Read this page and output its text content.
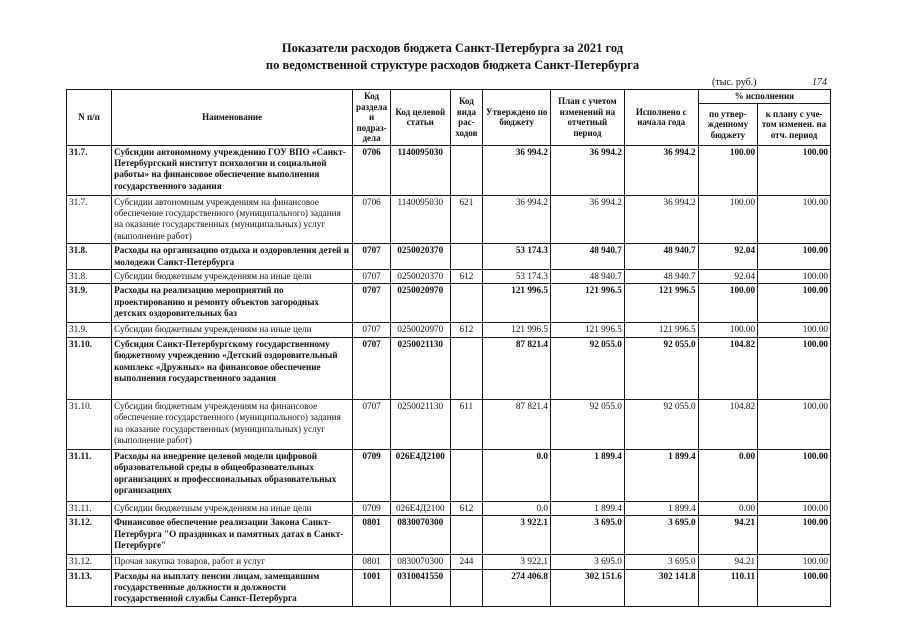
Показатели расходов бюджета Санкт-Петербурга за 2021 год
по ведомственной структуре расходов бюджета Санкт-Петербурга
(тыс. руб.)	174
N п/п	Наименование	Код раздела и подраз-дела	Код целевой статьи	Код вида рас-ходов	Утверждено по бюджету	План с учетом изменений на отчетный период	Исполнено с начала года	% исполнения	
								по утвер-жденному бюджету	к плану с уче-том изменен. на отч. период
31.7.	Субсидии автономному учреждению ГОУ ВПО «Санкт-Петербургский институт психологии и социальной работы» на финансовое обеспечение выполнения государственного задания	0706	1140095030		36 994.2	36 994.2	36 994.2	100.00	100.00
31.7.	Субсидии автономным учреждениям на финансовое обеспечение государственного (муниципального) задания на оказание государственных (муниципальных) услуг (выполнение работ)	0706	1140095030	621	36 994.2	36 994.2	36 994.2	100.00	100.00
31.8.	Расходы на организацию отдыха и оздоровления детей и молодежи Санкт-Петербурга	0707	0250020370		53 174.3	48 940.7	48 940.7	92.04	100.00
31.8.	Субсидии бюджетным учреждениям на иные цели	0707	0250020370	612	53 174.3	48 940.7	48 940.7	92.04	100.00
31.9.	Расходы на реализацию мероприятий по проектированию и ремонту объектов загородных детских оздоровительных баз	0707	0250020970		121 996.5	121 996.5	121 996.5	100.00	100.00
31.9.	Субсидии бюджетным учреждениям на иные цели	0707	0250020970	612	121 996.5	121 996.5	121 996.5	100.00	100.00
31.10.	Субсидия Санкт-Петербургскому государственному бюджетному учреждению «Детский оздоровительный комплекс «Дружных» на финансовое обеспечение выполнения государственного задания	0707	0250021130		87 821.4	92 055.0	92 055.0	104.82	100.00
31.10.	Субсидии бюджетным учреждениям на финансовое обеспечение государственного (муниципального) задания на оказание государственных (муниципальных) услуг (выполнение работ)	0707	0250021130	611	87 821.4	92 055.0	92 055.0	104.82	100.00
31.11.	Расходы на внедрение целевой модели цифровой образовательной среды в общеобразовательных организациях и профессиональных образовательных организациях	0709	026Е4Д2100		0.0	1 899.4	1 899.4	0.00	100.00
31.11.	Субсидии бюджетным учреждениям на иные цели	0709	026Е4Д2100	612	0.0	1 899.4	1 899.4	0.00	100.00
31.12.	Финансовое обеспечение реализации Закона Санкт-Петербурга "О праздниках и памятных датах в Санкт-Петербурге"	0801	0830070300		3 922.1	3 695.0	3 695.0	94.21	100.00
31.12.	Прочая закупка товаров, работ и услуг	0801	0830070300	244	3 922.1	3 695.0	3 695.0	94.21	100.00
31.13.	Расходы на выплату пенсии лицам, замещавшим государственные должности и должности государственной службы Санкт-Петербурга	1001	0310041550		274 406.8	302 151.6	302 141.8	110.11	100.00
